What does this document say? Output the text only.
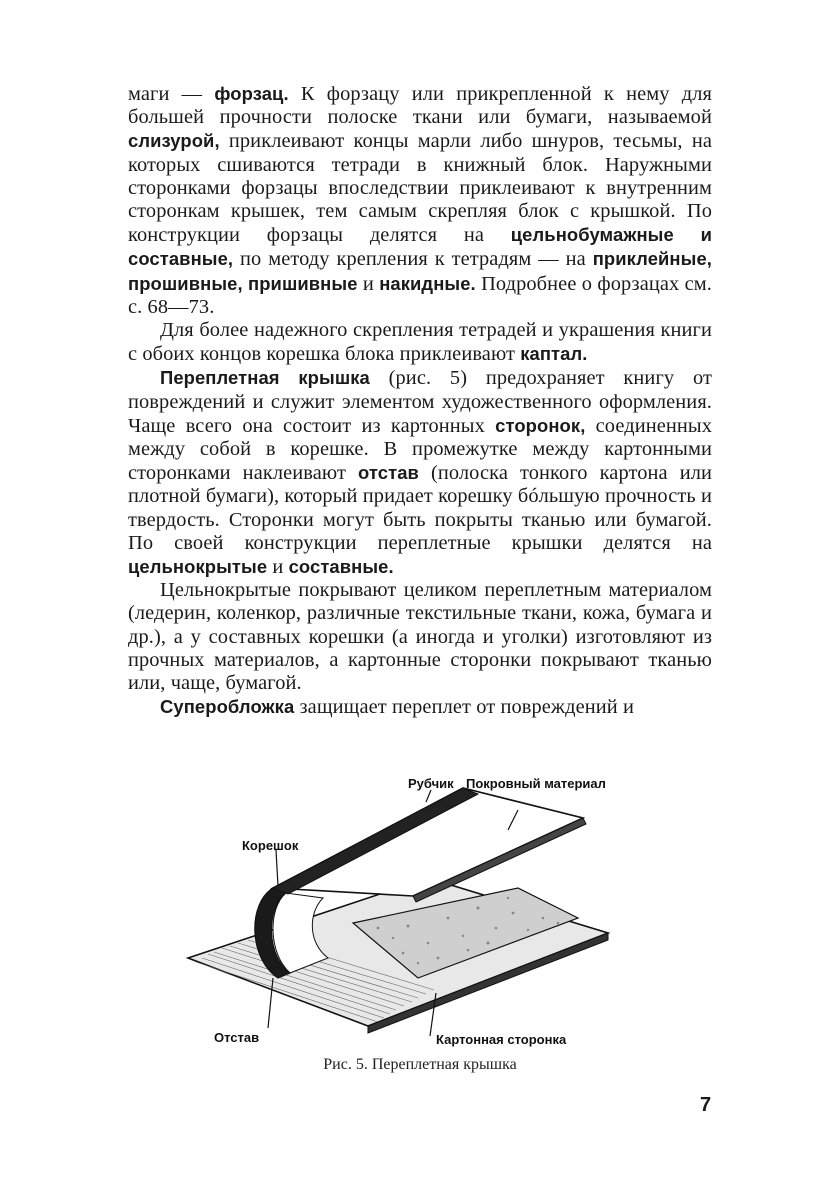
маги — форзац. К форзацу или прикрепленной к нему для большей прочности полоске ткани или бумаги, называемой слизурой, приклеивают концы марли либо шнуров, тесьмы, на которых сшиваются тетради в книжный блок. Наружными сторонками форзацы впоследствии приклеивают к внутренним сторонкам крышек, тем самым скрепляя блок с крышкой. По конструкции форзацы делятся на цельнобумажные и составные, по методу крепления к тетрадям — на приклейные, прошивные, пришивные и накидные. Подробнее о форзацах см. с. 68—73.

Для более надежного скрепления тетрадей и украшения книги с обоих концов корешка блока приклеивают каптал.

Переплетная крышка (рис. 5) предохраняет книгу от повреждений и служит элементом художественного оформления. Чаще всего она состоит из картонных сторонок, соединенных между собой в корешке. В промежутке между картонными сторонками наклеивают отстав (полоска тонкого картона или плотной бумаги), который придает корешку бóльшую прочность и твердость. Сторонки могут быть покрыты тканью или бумагой. По своей конструкции переплетные крышки делятся на цельнокрытые и составные.

Цельнокрытые покрывают целиком переплетным материалом (ледерин, коленкор, различные текстильные ткани, кожа, бумага и др.), а у составных корешки (а иногда и уголки) изготовляют из прочных материалов, а картонные сторонки покрывают тканью или, чаще, бумагой.

Суперобложка защищает переплет от повреждений и

Рубчик Покровный материал
Корешок
Отстав	Картонная сторонка
Рис. 5. Переплетная крышка
7
